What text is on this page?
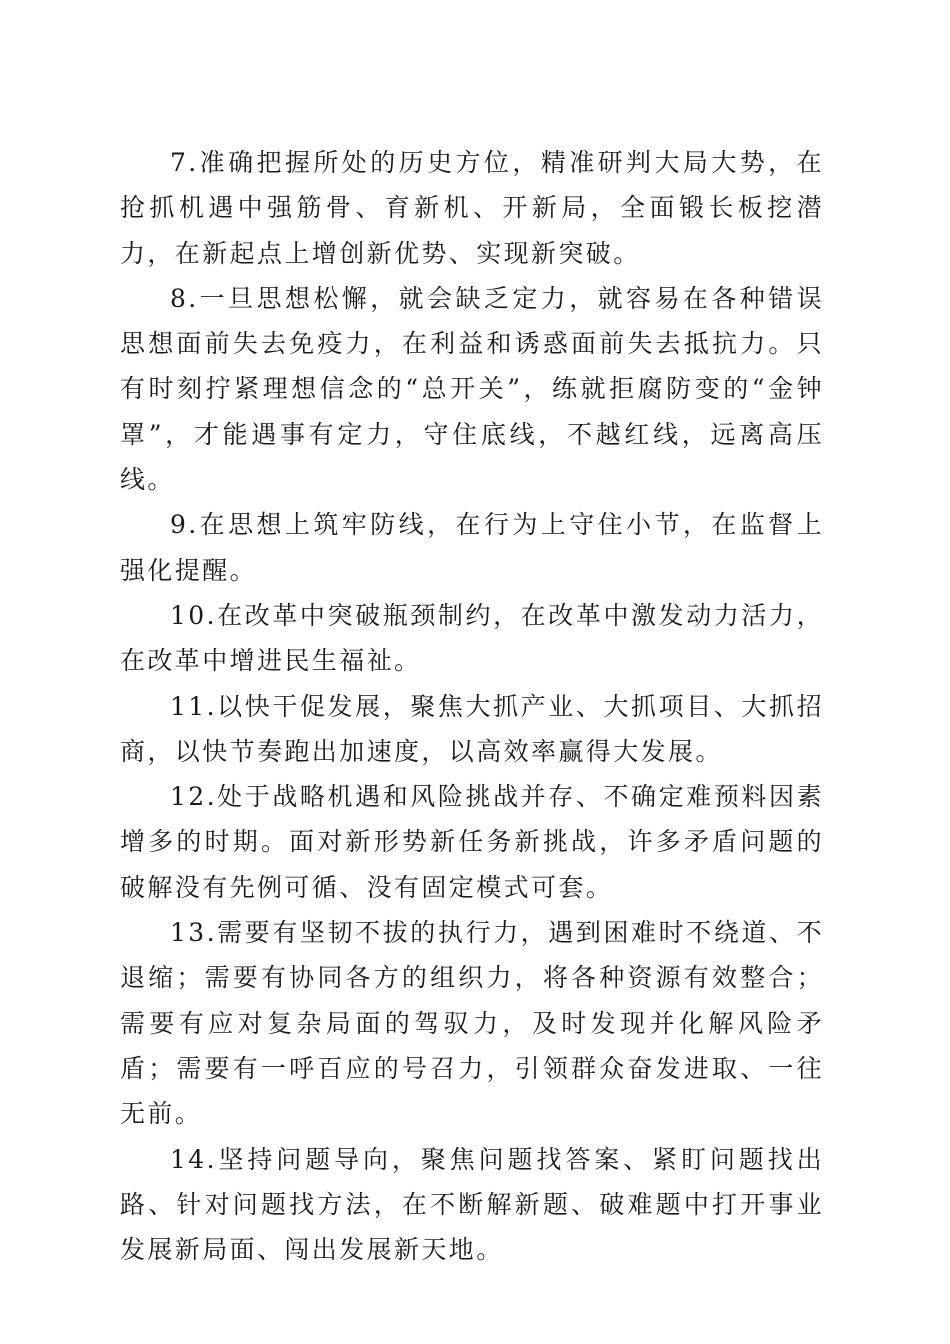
7.准确把握所处的历史方位，精准研判大局大势，在抢抓机遇中强筋骨、育新机、开新局，全面锻长板挖潜力，在新起点上增创新优势、实现新突破。

8.一旦思想松懈，就会缺乏定力，就容易在各种错误思想面前失去免疫力，在利益和诱惑面前失去抵抗力。只有时刻拧紧理想信念的“总开关”，练就拒腐防变的“金钟罩”，才能遇事有定力，守住底线，不越红线，远离高压线。

9.在思想上筑牢防线，在行为上守住小节，在监督上强化提醒。

10.在改革中突破瓶颈制约，在改革中激发动力活力，在改革中增进民生福祉。

11.以快干促发展，聚焦大抓产业、大抓项目、大抓招商，以快节奏跑出加速度，以高效率赢得大发展。

12.处于战略机遇和风险挑战并存、不确定难预料因素增多的时期。面对新形势新任务新挑战，许多矛盾问题的破解没有先例可循、没有固定模式可套。

13.需要有坚韧不拔的执行力，遇到困难时不绕道、不退缩；需要有协同各方的组织力，将各种资源有效整合；需要有应对复杂局面的驾驭力，及时发现并化解风险矛盾；需要有一呼百应的号召力，引领群众奋发进取、一往无前。

14.坚持问题导向，聚焦问题找答案、紧盯问题找出路、针对问题找方法，在不断解新题、破难题中打开事业发展新局面、闯出发展新天地。
